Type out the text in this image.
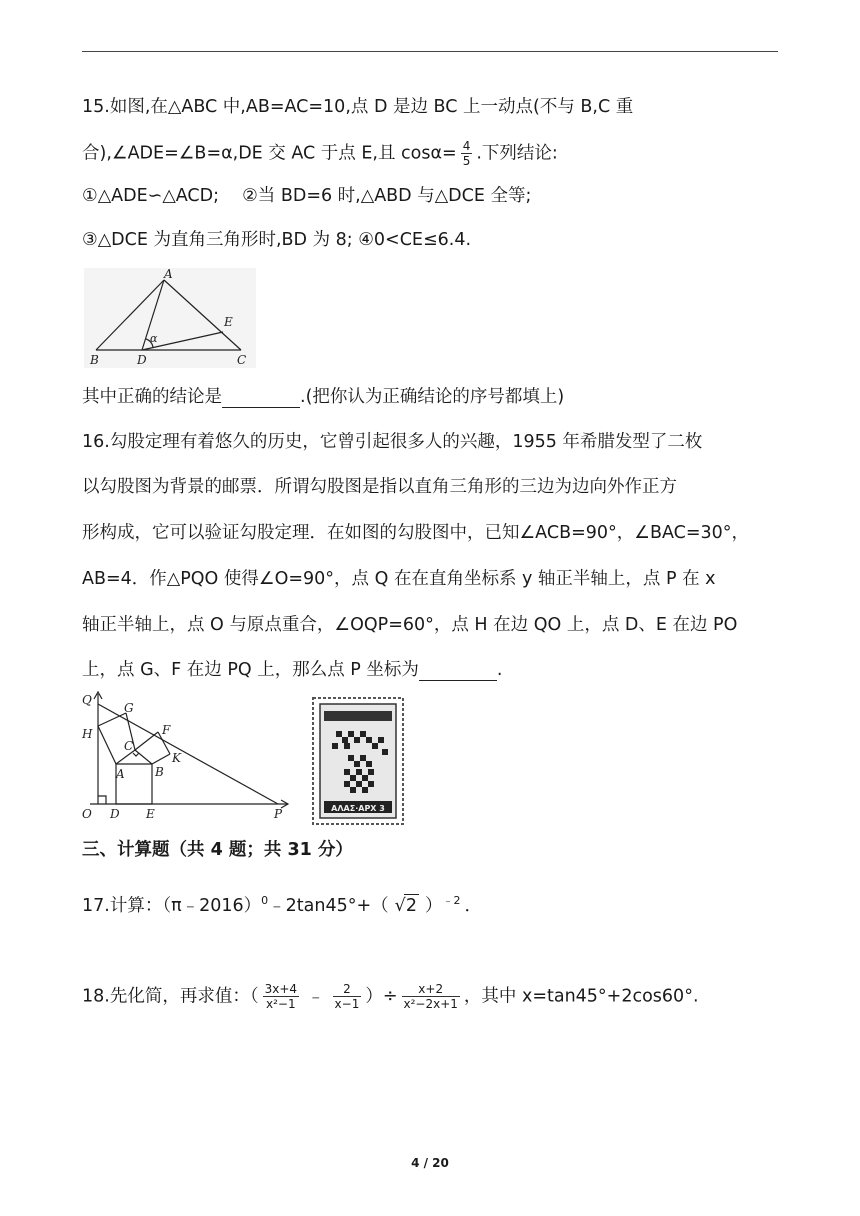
15.如图,在△ABC 中,AB=AC=10,点 D 是边 BC 上一动点(不与 B,C 重
合),∠ADE=∠B=α,DE 交 AC 于点 E,且 $\cos\alpha= \frac{4}{5}$ .下列结论:
①△ADE∽△ACD;　 ②当 BD=6 时,△ABD 与△DCE 全等;
③△DCE 为直角三角形时,BD 为 8; ④0<CE≤6.4.
A
B	C
D
E
α
其中正确的结论是	.(把你认为正确结论的序号都填上)
16.勾股定理有着悠久的历史，它曾引起很多人的兴趣，1955 年希腊发型了二枚
以勾股图为背景的邮票．所谓勾股图是指以直角三角形的三边为边向外作正方
形构成，它可以验证勾股定理．在如图的勾股图中，已知∠ACB=90°，∠BAC=30°，
AB=4．作△PQO 使得∠O=90°，点 Q 在在直角坐标系 y 轴正半轴上，点 P 在 x
轴正半轴上，点 O 与原点重合，∠OQP=60°，点 H 在边 QO 上，点 D、E 在边 PO
上，点 G、F 在边 PQ 上，那么点 P 坐标为	.
Q
G
H	F
C
K
A	B
O D E	P	ΑΛΑΣ·ΑΡΧ 3
三、计算题（共 4 题；共 31 分）
17.计算：（π﹣2016）$^0$﹣2tan45°+（ √2 ）$^{﹣2}$ ．
18.先化简，再求值：（ $\frac{3x+4}{\text{x²−1}}$ ﹣ $\frac{2}{x-1}$ ）÷ $\frac{x+2}{\text{x²−2x+1}}$ ，其中 x=tan45°+2cos60°.
4 / 20
